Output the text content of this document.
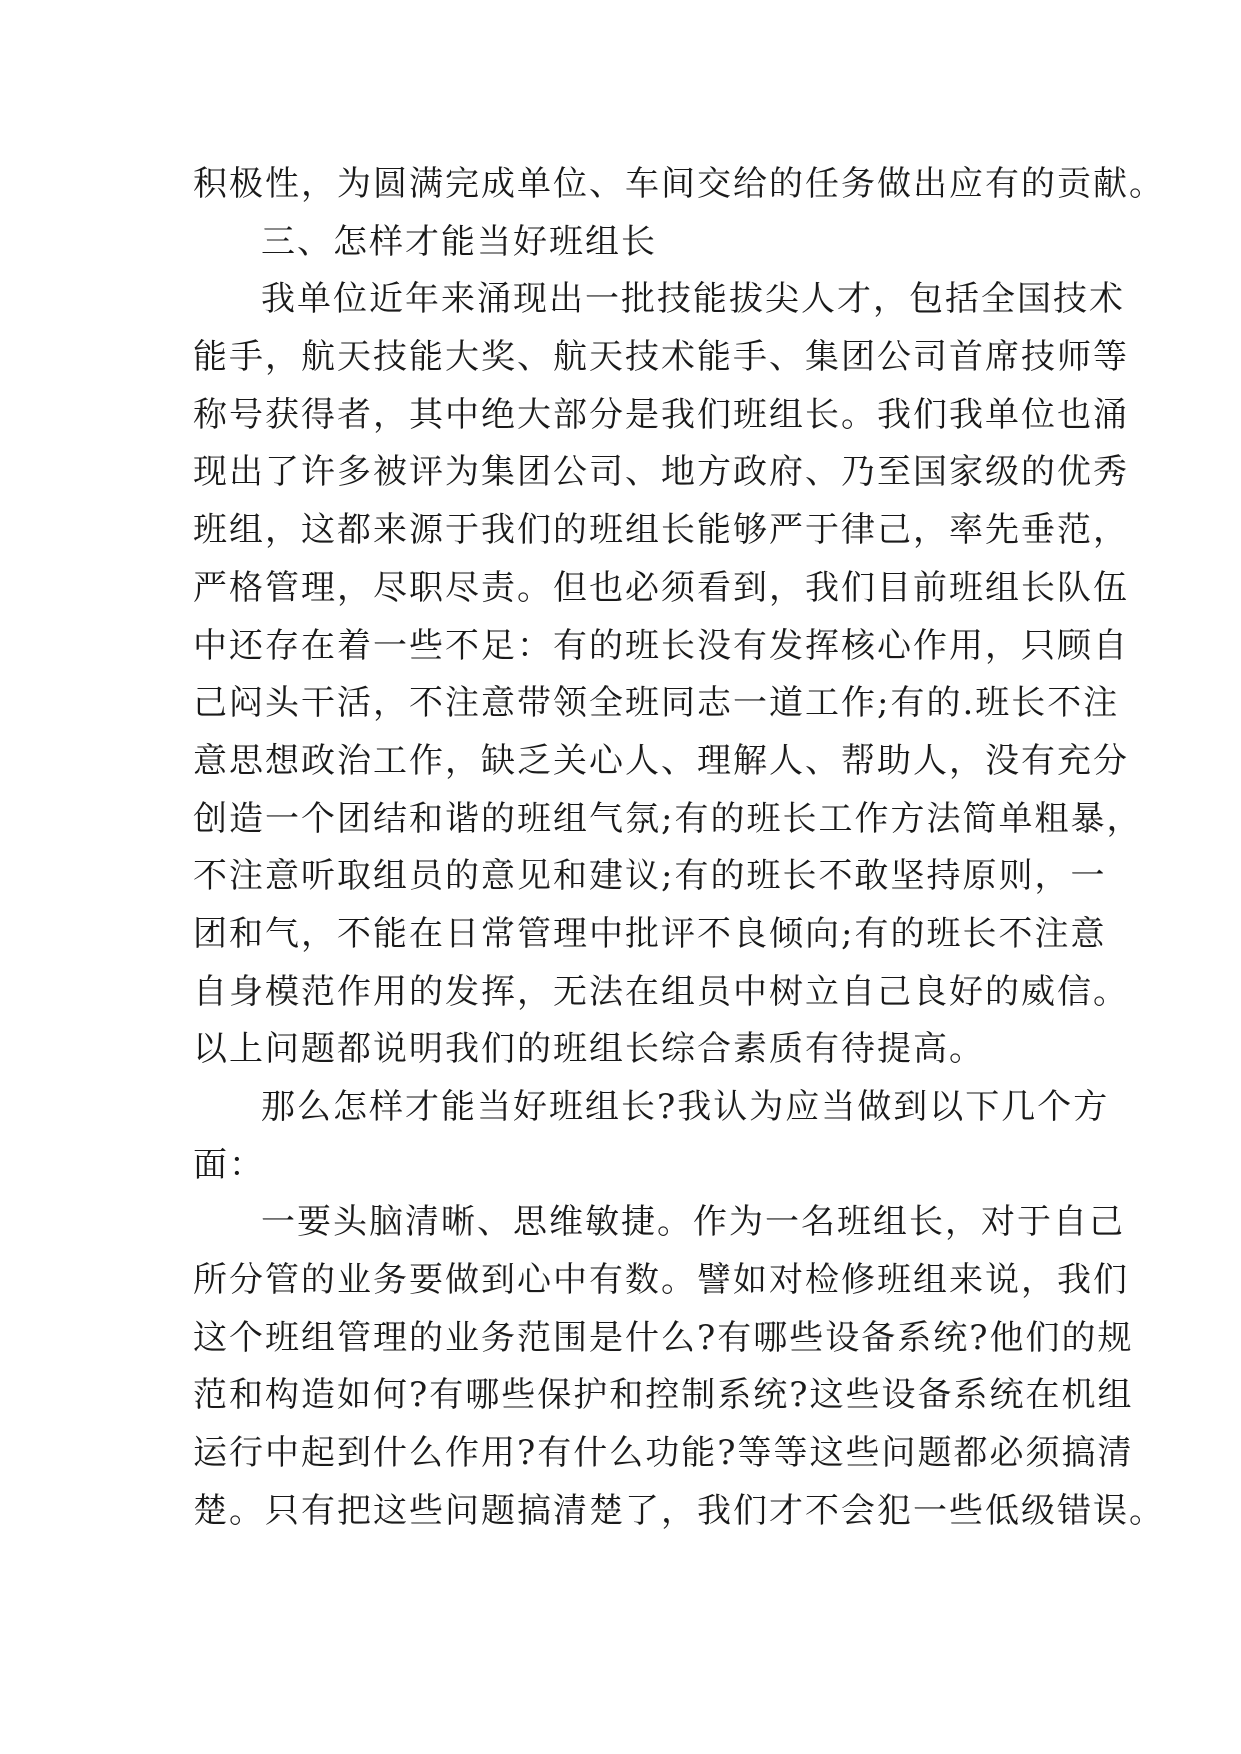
积极性，为圆满完成单位、车间交给的任务做出应有的贡献。
三、怎样才能当好班组长
我单位近年来涌现出一批技能拔尖人才，包括全国技术
能手，航天技能大奖、航天技术能手、集团公司首席技师等
称号获得者，其中绝大部分是我们班组长。我们我单位也涌
现出了许多被评为集团公司、地方政府、乃至国家级的优秀
班组，这都来源于我们的班组长能够严于律己，率先垂范，
严格管理，尽职尽责。但也必须看到，我们目前班组长队伍
中还存在着一些不足：有的班长没有发挥核心作用，只顾自
己闷头干活，不注意带领全班同志一道工作;有的.班长不注
意思想政治工作，缺乏关心人、理解人、帮助人，没有充分
创造一个团结和谐的班组气氛;有的班长工作方法简单粗暴，
不注意听取组员的意见和建议;有的班长不敢坚持原则，一
团和气，不能在日常管理中批评不良倾向;有的班长不注意
自身模范作用的发挥，无法在组员中树立自己良好的威信。
以上问题都说明我们的班组长综合素质有待提高。
那么怎样才能当好班组长?我认为应当做到以下几个方
面：
一要头脑清晰、思维敏捷。作为一名班组长，对于自己
所分管的业务要做到心中有数。譬如对检修班组来说，我们
这个班组管理的业务范围是什么?有哪些设备系统?他们的规
范和构造如何?有哪些保护和控制系统?这些设备系统在机组
运行中起到什么作用?有什么功能?等等这些问题都必须搞清
楚。只有把这些问题搞清楚了，我们才不会犯一些低级错误。
